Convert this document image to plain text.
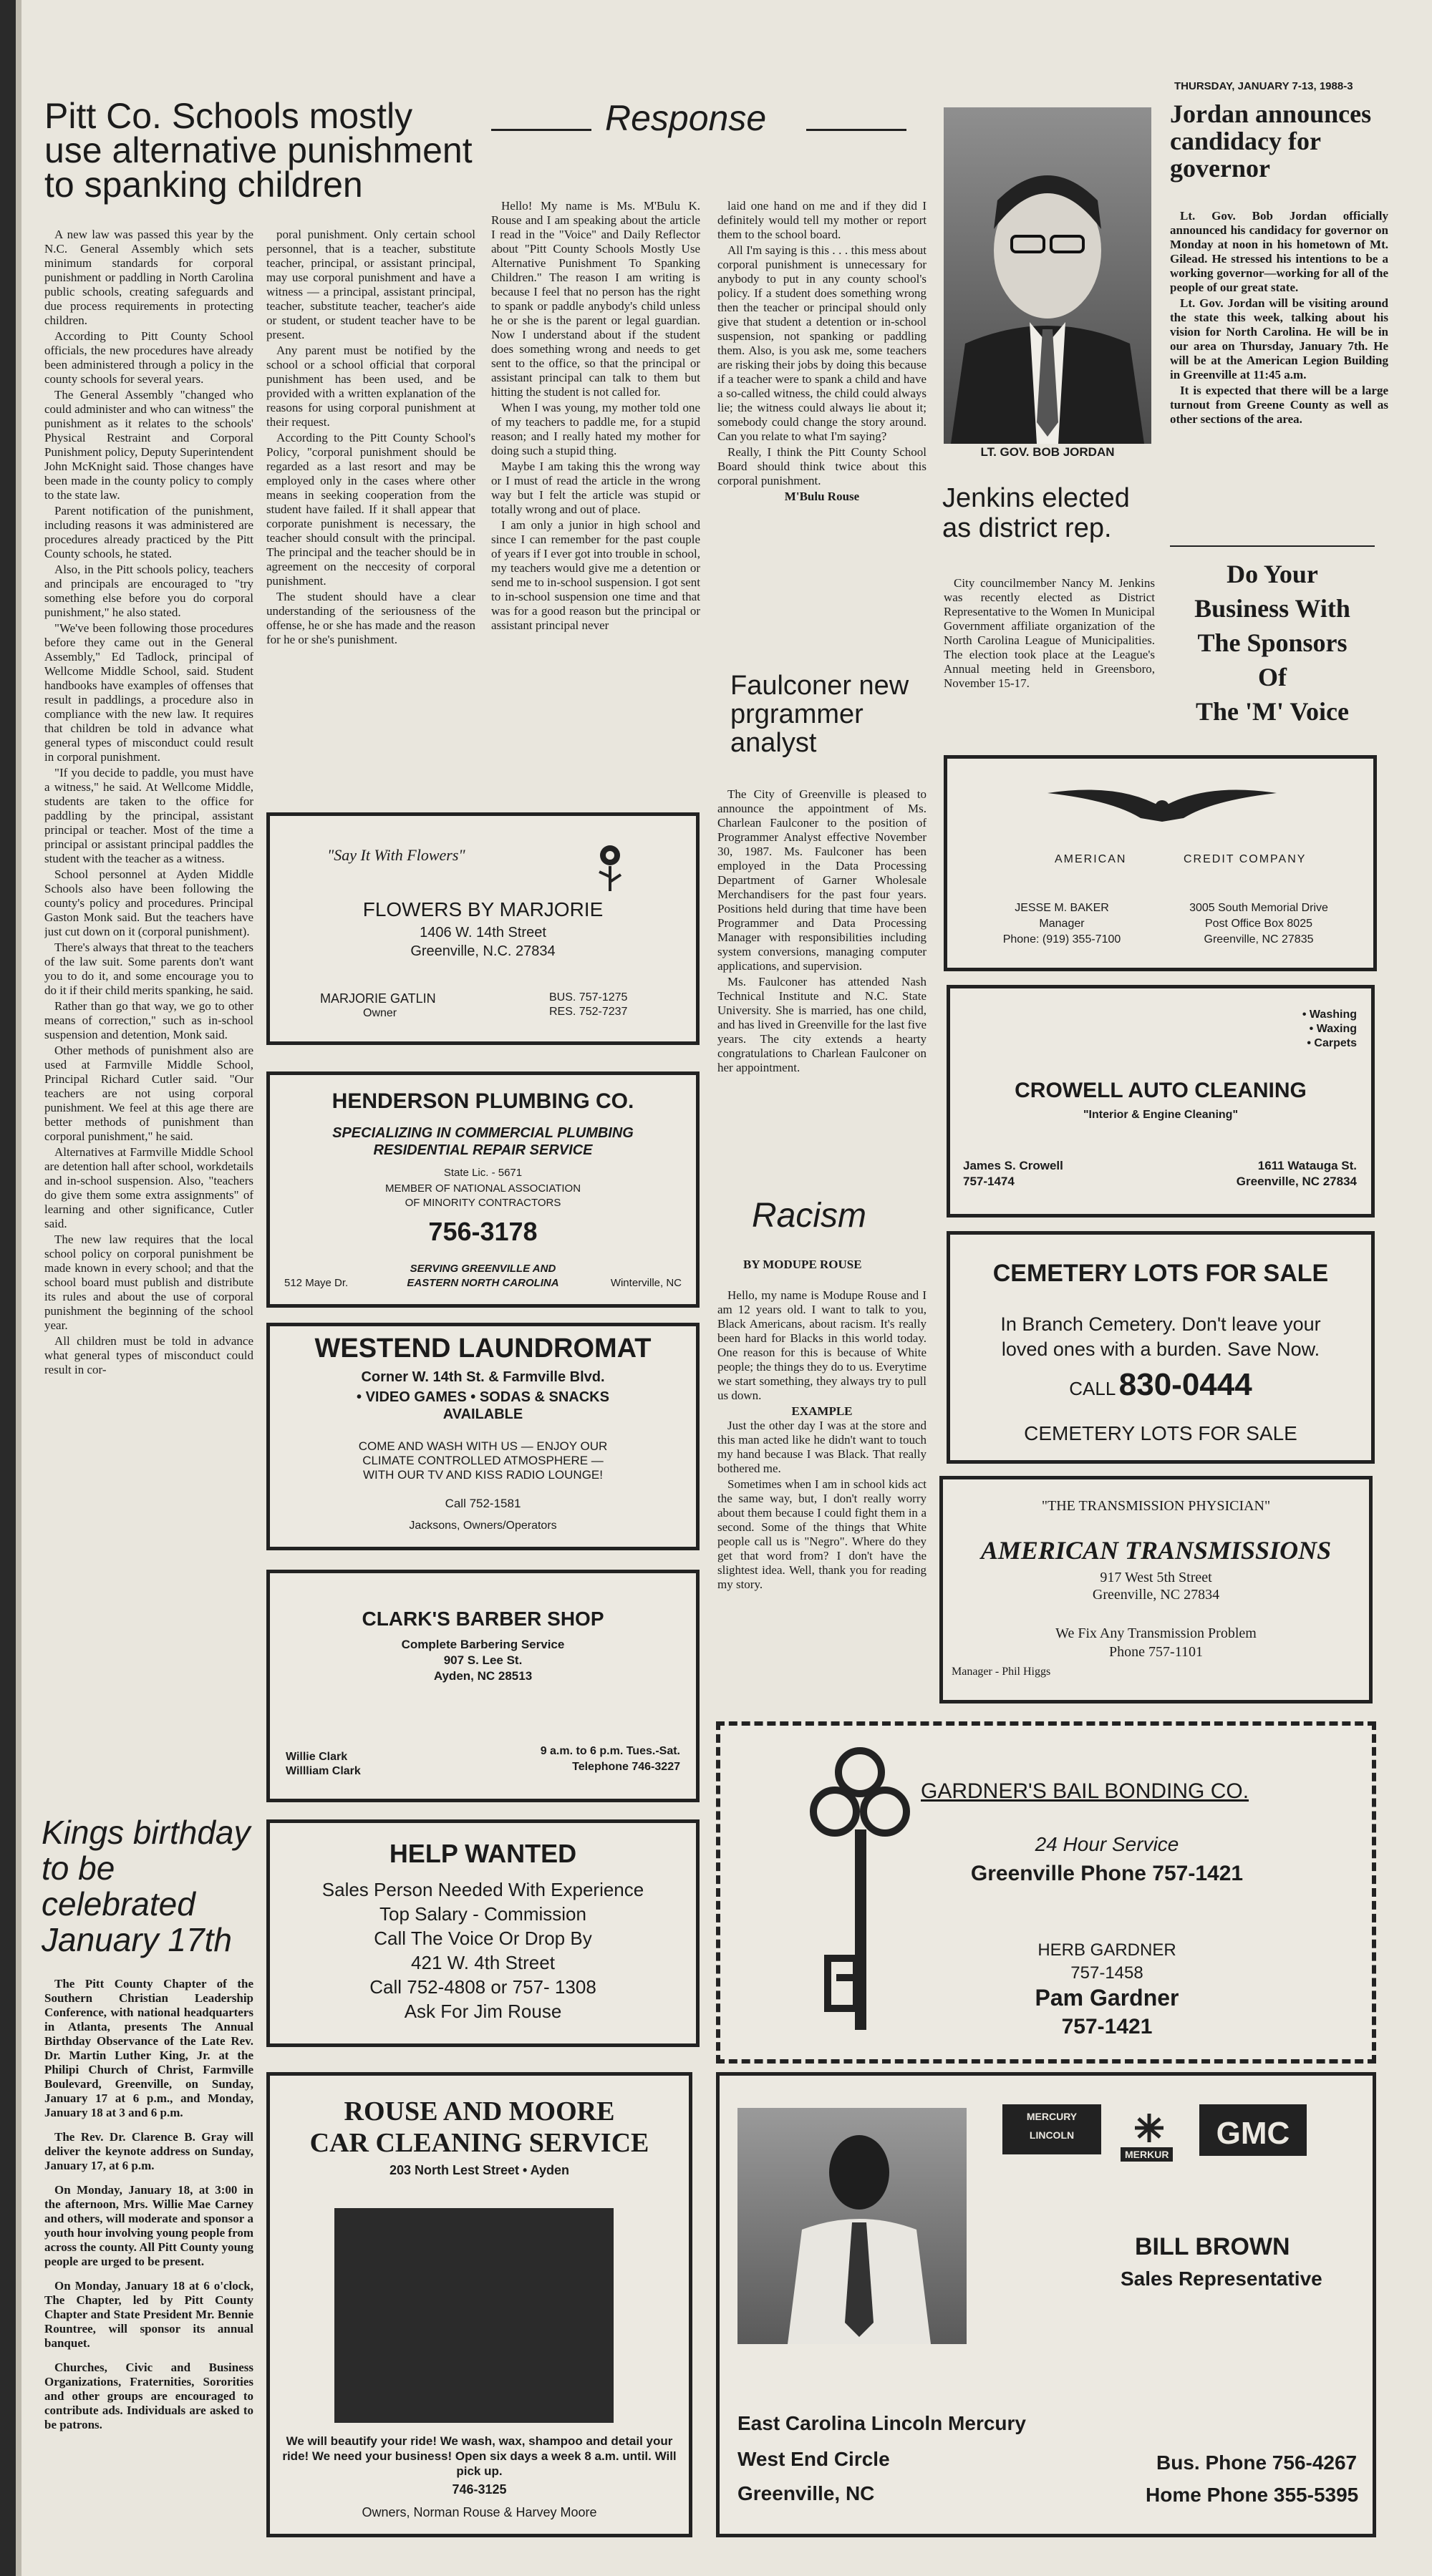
THURSDAY, JANUARY 7-13, 1988-3
Pitt Co. Schools mostly use alternative punishment to spanking children

A new law was passed this year by the N.C. General Assembly which sets minimum standards for corporal punishment or paddling in North Carolina public schools, creating safeguards and due process requirements in protecting children.

According to Pitt County School officials, the new procedures have already been administered through a policy in the county schools for several years.

The General Assembly "changed who could administer and who can witness" the punishment as it relates to the schools' Physical Restraint and Corporal Punishment policy, Deputy Superintendent John McKnight said. Those changes have been made in the county policy to comply to the state law.

Parent notification of the punishment, including reasons it was administered are procedures already practiced by the Pitt County schools, he stated.

Also, in the Pitt schools policy, teachers and principals are encouraged to "try something else before you do corporal punishment," he also stated.

"We've been following those procedures before they came out in the General Assembly," Ed Tadlock, principal of Wellcome Middle School, said. Student handbooks have examples of offenses that result in paddlings, a procedure also in compliance with the new law. It requires that children be told in advance what general types of misconduct could result in corporal punishment.

"If you decide to paddle, you must have a witness," he said. At Wellcome Middle, students are taken to the office for paddling by the principal, assistant principal or teacher. Most of the time a principal or assistant principal paddles the student with the teacher as a witness.

School personnel at Ayden Middle Schools also have been following the county's policy and procedures. Principal Gaston Monk said. But the teachers have just cut down on it (corporal punishment).

There's always that threat to the teachers of the law suit. Some parents don't want you to do it, and some encourage you to do it if their child merits spanking, he said.

Rather than go that way, we go to other means of correction," such as in-school suspension and detention, Monk said.

Other methods of punishment also are used at Farmville Middle School, Principal Richard Cutler said. "Our teachers are not using corporal punishment. We feel at this age there are better methods of punishment than corporal punishment," he said.

Alternatives at Farmville Middle School are detention hall after school, workdetails and in-school suspension. Also, "teachers do give them some extra assignments" of learning and other significance, Cutler said.

The new law requires that the local school policy on corporal punishment be made known in every school; and that the school board must publish and distribute its rules and about the use of corporal punishment the beginning of the school year.

All children must be told in advance what general types of misconduct could result in cor-

poral punishment. Only certain school personnel, that is a teacher, substitute teacher, principal, or assistant principal, may use corporal punishment and have a witness — a principal, assistant principal, teacher, substitute teacher, teacher's aide or student, or student teacher have to be present.

Any parent must be notified by the school or a school official that corporal punishment has been used, and be provided with a written explanation of the reasons for using corporal punishment at their request.

According to the Pitt County School's Policy, "corporal punishment should be regarded as a last resort and may be employed only in the cases where other means in seeking cooperation from the student have failed. If it shall appear that corporate punishment is necessary, the teacher should consult with the principal. The principal and the teacher should be in agreement on the neccesity of corporal punishment.

The student should have a clear understanding of the seriousness of the offense, he or she has made and the reason for he or she's punishment.

Kings birthday to be celebrated January 17th

The Pitt County Chapter of the Southern Christian Leadership Conference, with national headquarters in Atlanta, presents The Annual Birthday Observance of the Late Rev. Dr. Martin Luther King, Jr. at the Philipi Church of Christ, Farmville Boulevard, Greenville, on Sunday, January 17 at 6 p.m., and Monday, January 18 at 3 and 6 p.m.

The Rev. Dr. Clarence B. Gray will deliver the keynote address on Sunday, January 17, at 6 p.m.

On Monday, January 18, at 3:00 in the afternoon, Mrs. Willie Mae Carney and others, will moderate and sponsor a youth hour involving young people from across the county. All Pitt County young people are urged to be present.

On Monday, January 18 at 6 o'clock, The Chapter, led by Pitt County Chapter and State President Mr. Bennie Rountree, will sponsor its annual banquet.

Churches, Civic and Business Organizations, Fraternities, Sororities and other groups are encouraged to contribute ads. Individuals are asked to be patrons.

Response

Hello! My name is Ms. M'Bulu K. Rouse and I am speaking about the article I read in the "Voice" and Daily Reflector about "Pitt County Schools Mostly Use Alternative Punishment To Spanking Children." The reason I am writing is because I feel that no person has the right to spank or paddle anybody's child unless he or she is the parent or legal guardian. Now I understand about if the student does something wrong and needs to get sent to the office, so that the principal or assistant principal can talk to them but hitting the student is not called for.

When I was young, my mother told one of my teachers to paddle me, for a stupid reason; and I really hated my mother for doing such a stupid thing.

Maybe I am taking this the wrong way or I must of read the article in the wrong way but I felt the article was stupid or totally wrong and out of place.

I am only a junior in high school and since I can remember for the past couple of years if I ever got into trouble in school, my teachers would give me a detention or send me to in-school suspension. I got sent to in-school suspension one time and that was for a good reason but the principal or assistant principal never

laid one hand on me and if they did I definitely would tell my mother or report them to the school board.

All I'm saying is this . . . this mess about corporal punishment is unnecessary for anybody to put in any county school's policy. If a student does something wrong then the teacher or principal should only give that student a detention or in-school suspension, not spanking or paddling them. Also, is you ask me, some teachers are risking their jobs by doing this because if a teacher were to spank a child and have a so-called witness, the child could always lie; the witness could always lie about it; somebody could change the story around. Can you relate to what I'm saying?

Really, I think the Pitt County School Board should think twice about this corporal punishment.

M'Bulu Rouse
Faulconer new prgrammer analyst

The City of Greenville is pleased to announce the appointment of Ms. Charlean Faulconer to the position of Programmer Analyst effective November 30, 1987. Ms. Faulconer has been employed in the Data Processing Department of Garner Wholesale Merchandisers for the past four years. Positions held during that time have been Programmer and Data Processing Manager with responsibilities including system conversions, managing computer applications, and supervision.

Ms. Faulconer has attended Nash Technical Institute and N.C. State University. She is married, has one child, and has lived in Greenville for the last five years. The city extends a hearty congratulations to Charlean Faulconer on her appointment.

Racism
BY MODUPE ROUSE

Hello, my name is Modupe Rouse and I am 12 years old. I want to talk to you, Black Americans, about racism. It's really been hard for Blacks in this world today. One reason for this is because of White people; the things they do to us. Everytime we start something, they always try to pull us down.

EXAMPLE

Just the other day I was at the store and this man acted like he didn't want to touch my hand because I was Black. That really bothered me.

Sometimes when I am in school kids act the same way, but, I don't really worry about them because I could fight them in a second. Some of the things that White people call us is "Negro". Where do they get that word from? I don't have the slightest idea. Well, thank you for reading my story.

LT. GOV. BOB JORDAN
Jordan announces candidacy for governor

Lt. Gov. Bob Jordan officially announced his candidacy for governor on Monday at noon in his hometown of Mt. Gilead. He stressed his intentions to be a working governor—working for all of the people of our great state.

Lt. Gov. Jordan will be visiting around the state this week, talking about his vision for North Carolina. He will be in our area on Thursday, January 7th. He will be at the American Legion Building in Greenville at 11:45 a.m.

It is expected that there will be a large turnout from Greene County as well as other sections of the area.

Jenkins elected as district rep.

City councilmember Nancy M. Jenkins was recently elected as District Representative to the Women In Municipal Government affiliate organization of the North Carolina League of Municipalities. The election took place at the League's Annual meeting held in Greensboro, November 15-17.

Do Your
Business With
The Sponsors
Of
The 'M' Voice
"Say It With Flowers"
FLOWERS BY MARJORIE
1406 W. 14th Street
Greenville, N.C. 27834
MARJORIE GATLIN
Owner
BUS. 757-1275
RES. 752-7237
HENDERSON PLUMBING CO.
SPECIALIZING IN COMMERCIAL PLUMBING
RESIDENTIAL REPAIR SERVICE
State Lic. - 5671
MEMBER OF NATIONAL ASSOCIATION
OF MINORITY CONTRACTORS
756-3178
SERVING GREENVILLE AND
EASTERN NORTH CAROLINA
512 Maye Dr.	Winterville, NC
WESTEND LAUNDROMAT
Corner W. 14th St. & Farmville Blvd.
• VIDEO GAMES • SODAS & SNACKS
AVAILABLE
COME AND WASH WITH US — ENJOY OUR
CLIMATE CONTROLLED ATMOSPHERE —
WITH OUR TV AND KISS RADIO LOUNGE!
Call 752-1581
Jacksons, Owners/Operators
CLARK'S BARBER SHOP
Complete Barbering Service
907 S. Lee St.
Ayden, NC 28513
Willie Clark
Willliam Clark
9 a.m. to 6 p.m. Tues.-Sat.
Telephone 746-3227
HELP WANTED
Sales Person Needed With Experience
Top Salary - Commission
Call The Voice Or Drop By
421 W. 4th Street
Call 752-4808 or 757- 1308
Ask For Jim Rouse
ROUSE AND MOORE
CAR CLEANING SERVICE
203 North Lest Street • Ayden
We will beautify your ride! We wash, wax, shampoo and detail your ride! We need your business! Open six days a week 8 a.m. until. Will pick up.
746-3125
Owners, Norman Rouse & Harvey Moore
AMERICAN	CREDIT COMPANY
JESSE M. BAKER
Manager
Phone: (919) 355-7100
3005 South Memorial Drive
Post Office Box 8025
Greenville, NC 27835
• Washing
• Waxing
• Carpets
CROWELL AUTO CLEANING
"Interior & Engine Cleaning"
James S. Crowell
757-1474
1611 Watauga St.
Greenville, NC 27834
CEMETERY LOTS FOR SALE
In Branch Cemetery. Don't leave your
loved ones with a burden. Save Now.
CALL 830-0444
CEMETERY LOTS FOR SALE
"THE TRANSMISSION PHYSICIAN"
AMERICAN TRANSMISSIONS
917 West 5th Street
Greenville, NC 27834
We Fix Any Transmission Problem
Phone 757-1101
Manager - Phil Higgs
GARDNER'S BAIL BONDING CO.
24 Hour Service
Greenville Phone 757-1421
HERB GARDNER
757-1458
Pam Gardner
757-1421
MERCURY
LINCOLN
MERKUR
GMC
BILL BROWN
Sales Representative
East Carolina Lincoln Mercury
West End Circle
Greenville, NC
Bus. Phone 756-4267
Home Phone 355-5395
